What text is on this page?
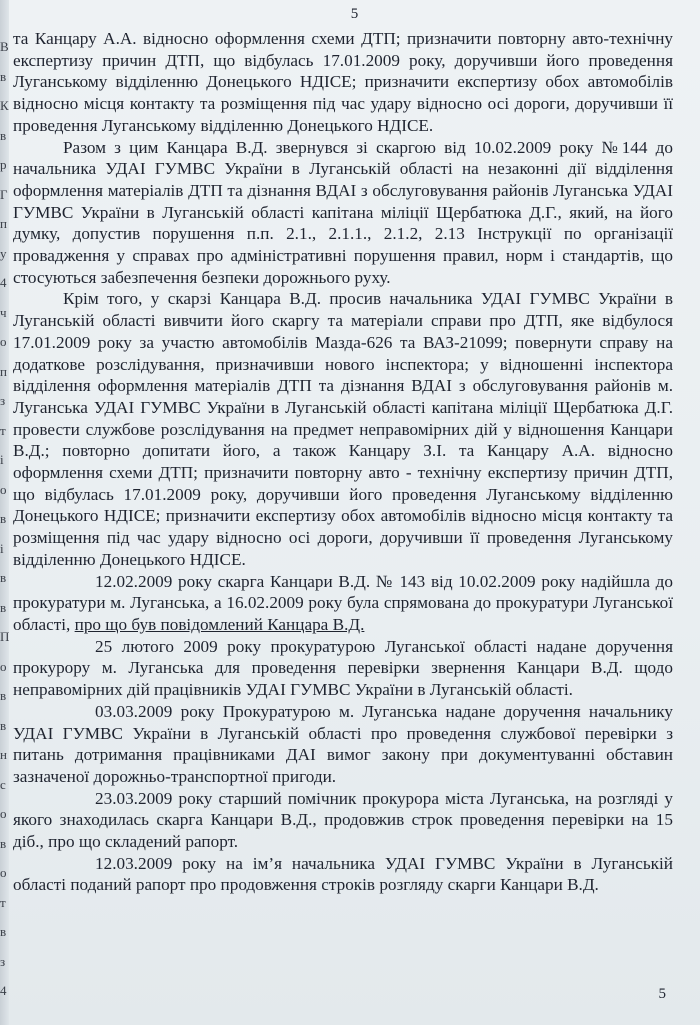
В
в
К
в
р
Г
п
у
4
ч
о
п
з
т
і
о
в
і
в
в
П
о
в
в
н
с
о
в
о
т
в
з
4
5

та Канцару А.А. відносно оформлення схеми ДТП; призначити повторну авто-технічну експертизу причин ДТП, що відбулась 17.01.2009 року, доручивши його проведення Луганському відділенню Донецького НДІСЕ; призначити експертизу обох автомобілів відносно місця контакту та розміщення під час удару відносно осі дороги, доручивши її проведення Луганському відділенню Донецького НДІСЕ.

Разом з цим Канцара В.Д. звернувся зі скаргою від 10.02.2009 року №144 до начальника УДАІ ГУМВС України в Луганській області на незаконні дії відділення оформлення матеріалів ДТП та дізнання ВДАІ з обслуговування районів Луганська УДАІ ГУМВС України в Луганській області капітана міліції Щербатюка Д.Г., який, на його думку, допустив порушення п.п. 2.1., 2.1.1., 2.1.2, 2.13 Інструкції по організації провадження у справах про адміністративні порушення правил, норм і стандартів, що стосуються забезпечення безпеки дорожнього руху.

Крім того, у скарзі Канцара В.Д. просив начальника УДАІ ГУМВС України в Луганській області вивчити його скаргу та матеріали справи про ДТП, яке відбулося 17.01.2009 року за участю автомобілів Мазда-626 та ВАЗ-21099; повернути справу на додаткове розслідування, призначивши нового інспектора; у відношенні інспектора відділення оформлення матеріалів ДТП та дізнання ВДАІ з обслуговування районів м. Луганська УДАІ ГУМВС України в Луганській області капітана міліції Щербатюка Д.Г. провести службове розслідування на предмет неправомірних дій у відношення Канцари В.Д.; повторно допитати його, а також Канцару З.І. та Канцару А.А. відносно оформлення схеми ДТП; призначити повторну авто - технічну експертизу причин ДТП, що відбулась 17.01.2009 року, доручивши його проведення Луганському відділенню Донецького НДІСЕ; призначити експертизу обох автомобілів відносно місця контакту та розміщення під час удару відносно осі дороги, доручивши її проведення Луганському відділенню Донецького НДІСЕ.

12.02.2009 року скарга Канцари В.Д. № 143 від 10.02.2009 року надійшла до прокуратури м. Луганська, а 16.02.2009 року була спрямована до прокуратури Луганської області, про що був повідомлений Канцара В.Д.

25 лютого 2009 року прокуратурою Луганської області надане доручення прокурору м. Луганська для проведення перевірки звернення Канцари В.Д. щодо неправомірних дій працівників УДАІ ГУМВС України в Луганській області.

03.03.2009 року Прокуратурою м. Луганська надане доручення начальнику УДАІ ГУМВС України в Луганській області про проведення службової перевірки з питань дотримання працівниками ДАІ вимог закону при документуванні обставин зазначеної дорожньо-транспортної пригоди.

23.03.2009 року старший помічник прокурора міста Луганська, на розгляді у якого знаходилась скарга Канцари В.Д., продовжив строк проведення перевірки на 15 діб., про що складений рапорт.

12.03.2009 року на ім’я начальника УДАІ ГУМВС України в Луганській області поданий рапорт про продовження строків розгляду скарги Канцари В.Д.

5
